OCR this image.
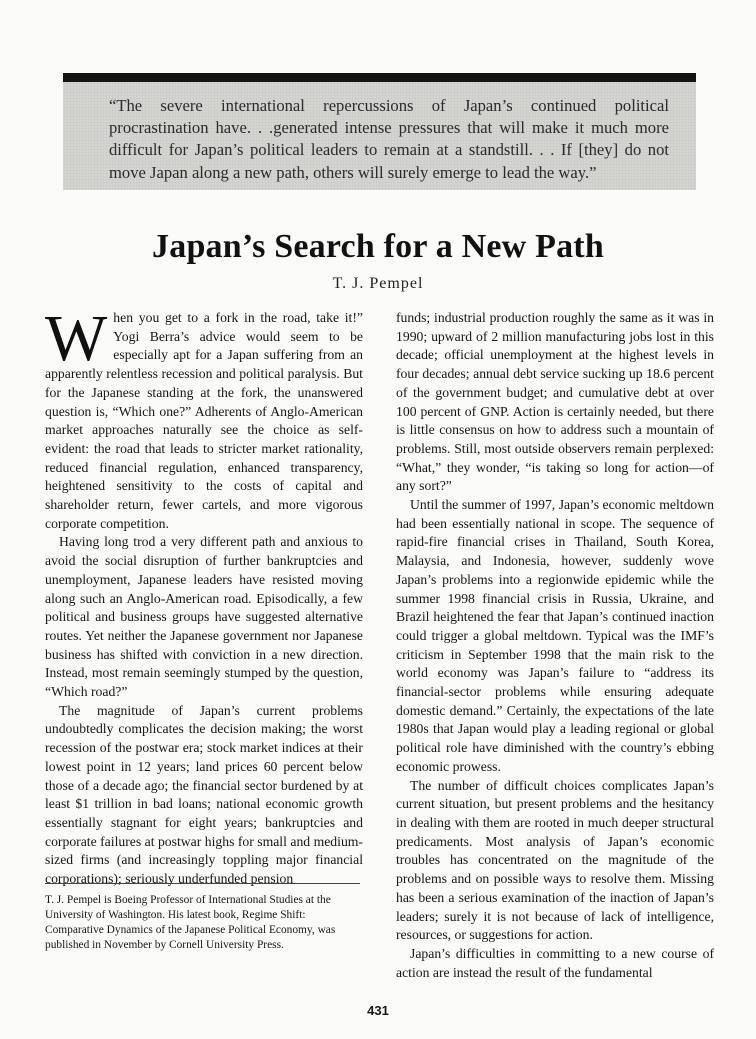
“The severe international repercussions of Japan’s continued political procrastination have. . .generated intense pressures that will make it much more difficult for Japan’s political leaders to remain at a standstill. . . If [they] do not move Japan along a new path, others will surely emerge to lead the way.”

Japan’s Search for a New Path

T. J. Pempel

When you get to a fork in the road, take it!” Yogi Berra’s advice would seem to be especially apt for a Japan suffering from an apparently relentless recession and political paralysis. But for the Japanese standing at the fork, the unanswered question is, “Which one?” Adherents of Anglo-American market approaches naturally see the choice as self-evident: the road that leads to stricter market rationality, reduced financial regulation, enhanced transparency, heightened sensitivity to the costs of capital and shareholder return, fewer cartels, and more vigorous corporate competition.

Having long trod a very different path and anxious to avoid the social disruption of further bankruptcies and unemployment, Japanese leaders have resisted moving along such an Anglo-American road. Episodically, a few political and business groups have suggested alternative routes. Yet neither the Japanese government nor Japanese business has shifted with conviction in a new direction. Instead, most remain seemingly stumped by the question, “Which road?”

The magnitude of Japan’s current problems undoubtedly complicates the decision making; the worst recession of the postwar era; stock market indices at their lowest point in 12 years; land prices 60 percent below those of a decade ago; the financial sector burdened by at least $1 trillion in bad loans; national economic growth essentially stagnant for eight years; bankruptcies and corporate failures at postwar highs for small and medium-sized firms (and increasingly toppling major financial corporations); seriously underfunded pension

funds; industrial production roughly the same as it was in 1990; upward of 2 million manufacturing jobs lost in this decade; official unemployment at the highest levels in four decades; annual debt service sucking up 18.6 percent of the government budget; and cumulative debt at over 100 percent of GNP. Action is certainly needed, but there is little consensus on how to address such a mountain of problems. Still, most outside observers remain perplexed: “What,” they wonder, “is taking so long for action—of any sort?”

Until the summer of 1997, Japan’s economic meltdown had been essentially national in scope. The sequence of rapid-fire financial crises in Thailand, South Korea, Malaysia, and Indonesia, however, suddenly wove Japan’s problems into a regionwide epidemic while the summer 1998 financial crisis in Russia, Ukraine, and Brazil heightened the fear that Japan’s continued inaction could trigger a global meltdown. Typical was the IMF’s criticism in September 1998 that the main risk to the world economy was Japan’s failure to “address its financial-sector problems while ensuring adequate domestic demand.” Certainly, the expectations of the late 1980s that Japan would play a leading regional or global political role have diminished with the country’s ebbing economic prowess.

The number of difficult choices complicates Japan’s current situation, but present problems and the hesitancy in dealing with them are rooted in much deeper structural predicaments. Most analysis of Japan’s economic troubles has concentrated on the magnitude of the problems and on possible ways to resolve them. Missing has been a serious examination of the inaction of Japan’s leaders; surely it is not because of lack of intelligence, resources, or suggestions for action.

Japan’s difficulties in committing to a new course of action are instead the result of the fundamental

T. J. Pempel is Boeing Professor of International Studies at the University of Washington. His latest book, Regime Shift: Comparative Dynamics of the Japanese Political Economy, was published in November by Cornell University Press.

431
